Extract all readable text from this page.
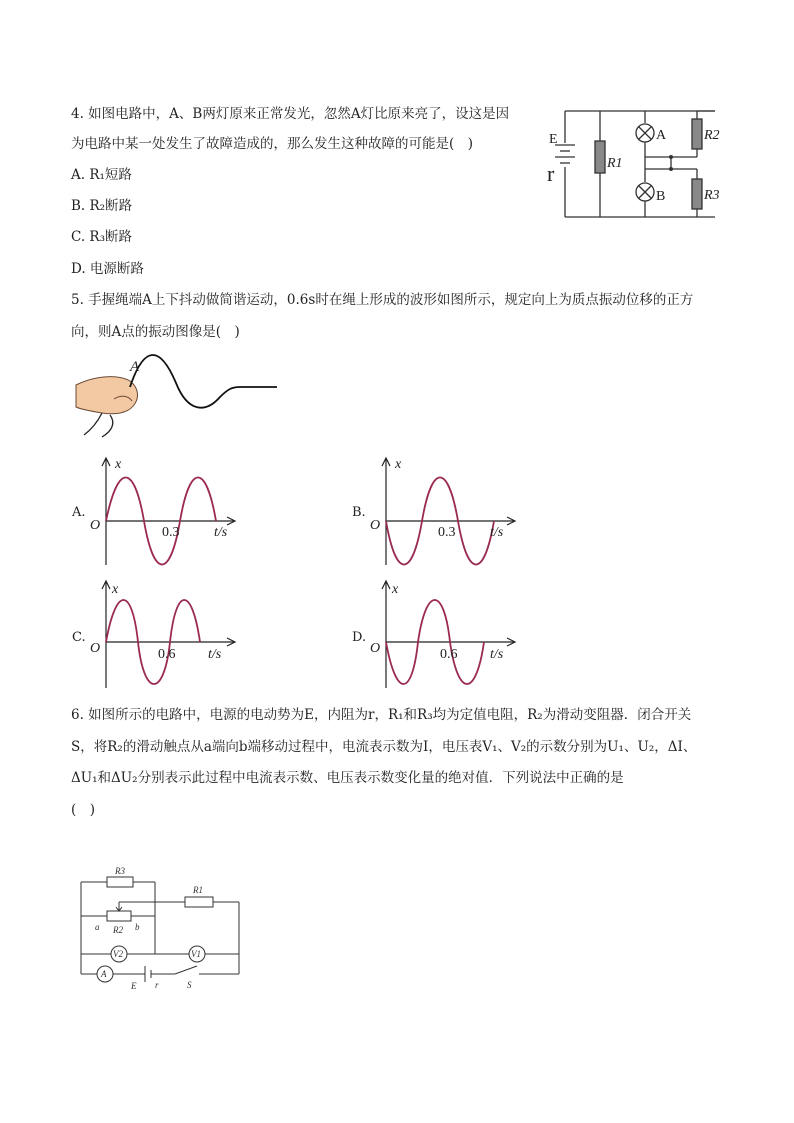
4. 如图电路中，A、B两灯原来正常发光，忽然A灯比原来亮了，设这是因
为电路中某一处发生了故障造成的，那么发生这种故障的可能是(　)
A. R₁短路
B. R₂断路
C. R₃断路
D. 电源断路
E
r	R1
A	R2
B	R3
5. 手握绳端A上下抖动做简谐运动，0.6s时在绳上形成的波形如图所示，规定向上为质点振动位移的正方
向，则A点的振动图像是(　)
A
A.
x
O	0.3 t/s
B.
x
O	0.3 t/s
C.
x
O	0.6 t/s
D.
x
O	0.6 t/s
6. 如图所示的电路中，电源的电动势为E，内阻为r，R₁和R₃均为定值电阻，R₂为滑动变阻器．闭合开关
S，将R₂的滑动触点从a端向b端移动过程中，电流表示数为I，电压表V₁、V₂的示数分别为U₁、U₂，ΔI、
ΔU₁和ΔU₂分别表示此过程中电流表示数、电压表示数变化量的绝对值．下列说法中正确的是
(　)
R3
R1
R2
a	b
V2	V1
A
E r	S
